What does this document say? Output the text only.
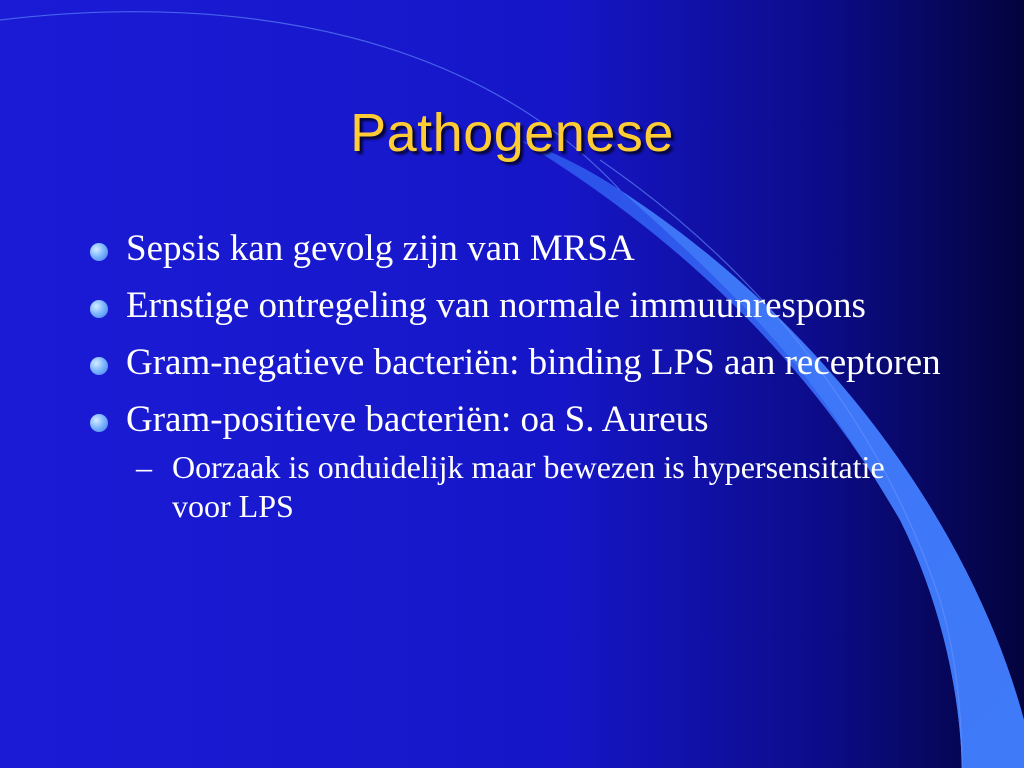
Pathogenese
Sepsis kan gevolg zijn van MRSA
Ernstige ontregeling van normale immuunrespons
Gram-negatieve bacteriën: binding LPS aan receptoren
Gram-positieve bacteriën: oa S. Aureus
– Oorzaak is onduidelijk maar bewezen is hypersensitatie voor LPS
